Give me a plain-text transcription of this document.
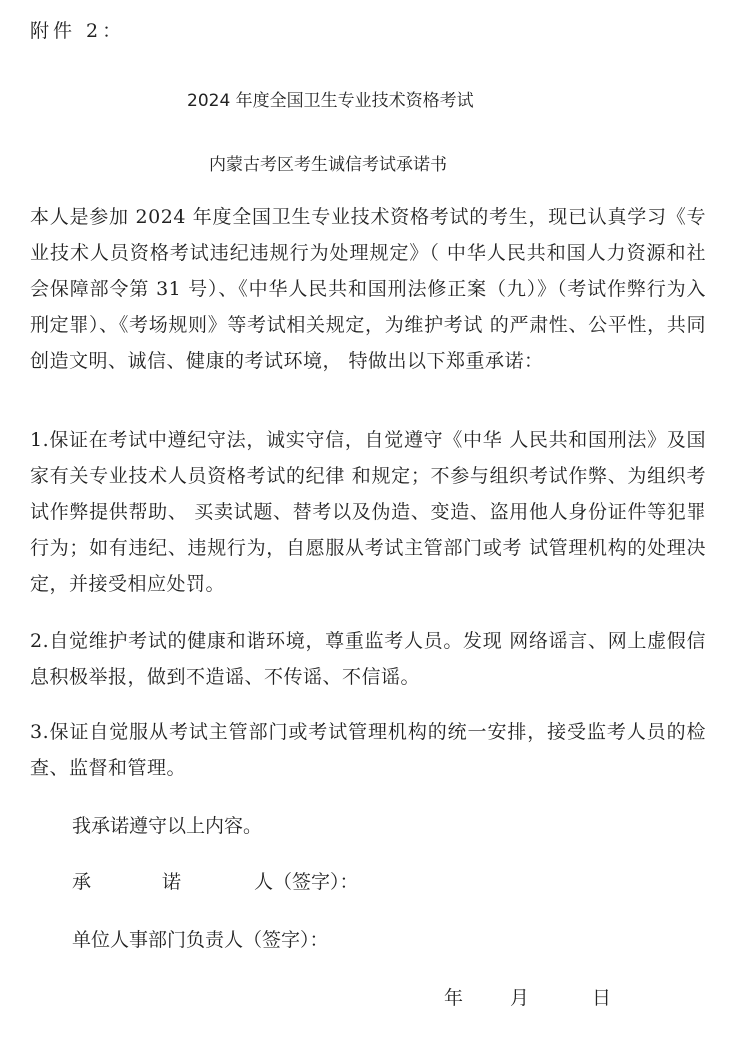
附件 2：
2024 年度全国卫生专业技术资格考试
内蒙古考区考生诚信考试承诺书
本人是参加 2024 年度全国卫生专业技术资格考试的考生，现已认真学习《专业技术人员资格考试违纪违规行为处理规定》（ 中华人民共和国人力资源和社会保障部令第 31 号）、《中华人民共和国刑法修正案（九）》（考试作弊行为入刑定罪）、《考场规则》等考试相关规定，为维护考试 的严肃性、公平性，共同创造文明、诚信、健康的考试环境， 特做出以下郑重承诺：
1.保证在考试中遵纪守法，诚实守信，自觉遵守《中华 人民共和国刑法》及国家有关专业技术人员资格考试的纪律 和规定；不参与组织考试作弊、为组织考试作弊提供帮助、 买卖试题、替考以及伪造、变造、盗用他人身份证件等犯罪行为；如有违纪、违规行为，自愿服从考试主管部门或考 试管理机构的处理决定，并接受相应处罚。
2.自觉维护考试的健康和谐环境，尊重监考人员。发现 网络谣言、网上虚假信息积极举报，做到不造谣、不传谣、不信谣。
3.保证自觉服从考试主管部门或考试管理机构的统一安排，接受监考人员的检查、监督和管理。
我承诺遵守以上内容。
承	诺	人（签字）：
单位人事部门负责人（签字）：
年 月	日
